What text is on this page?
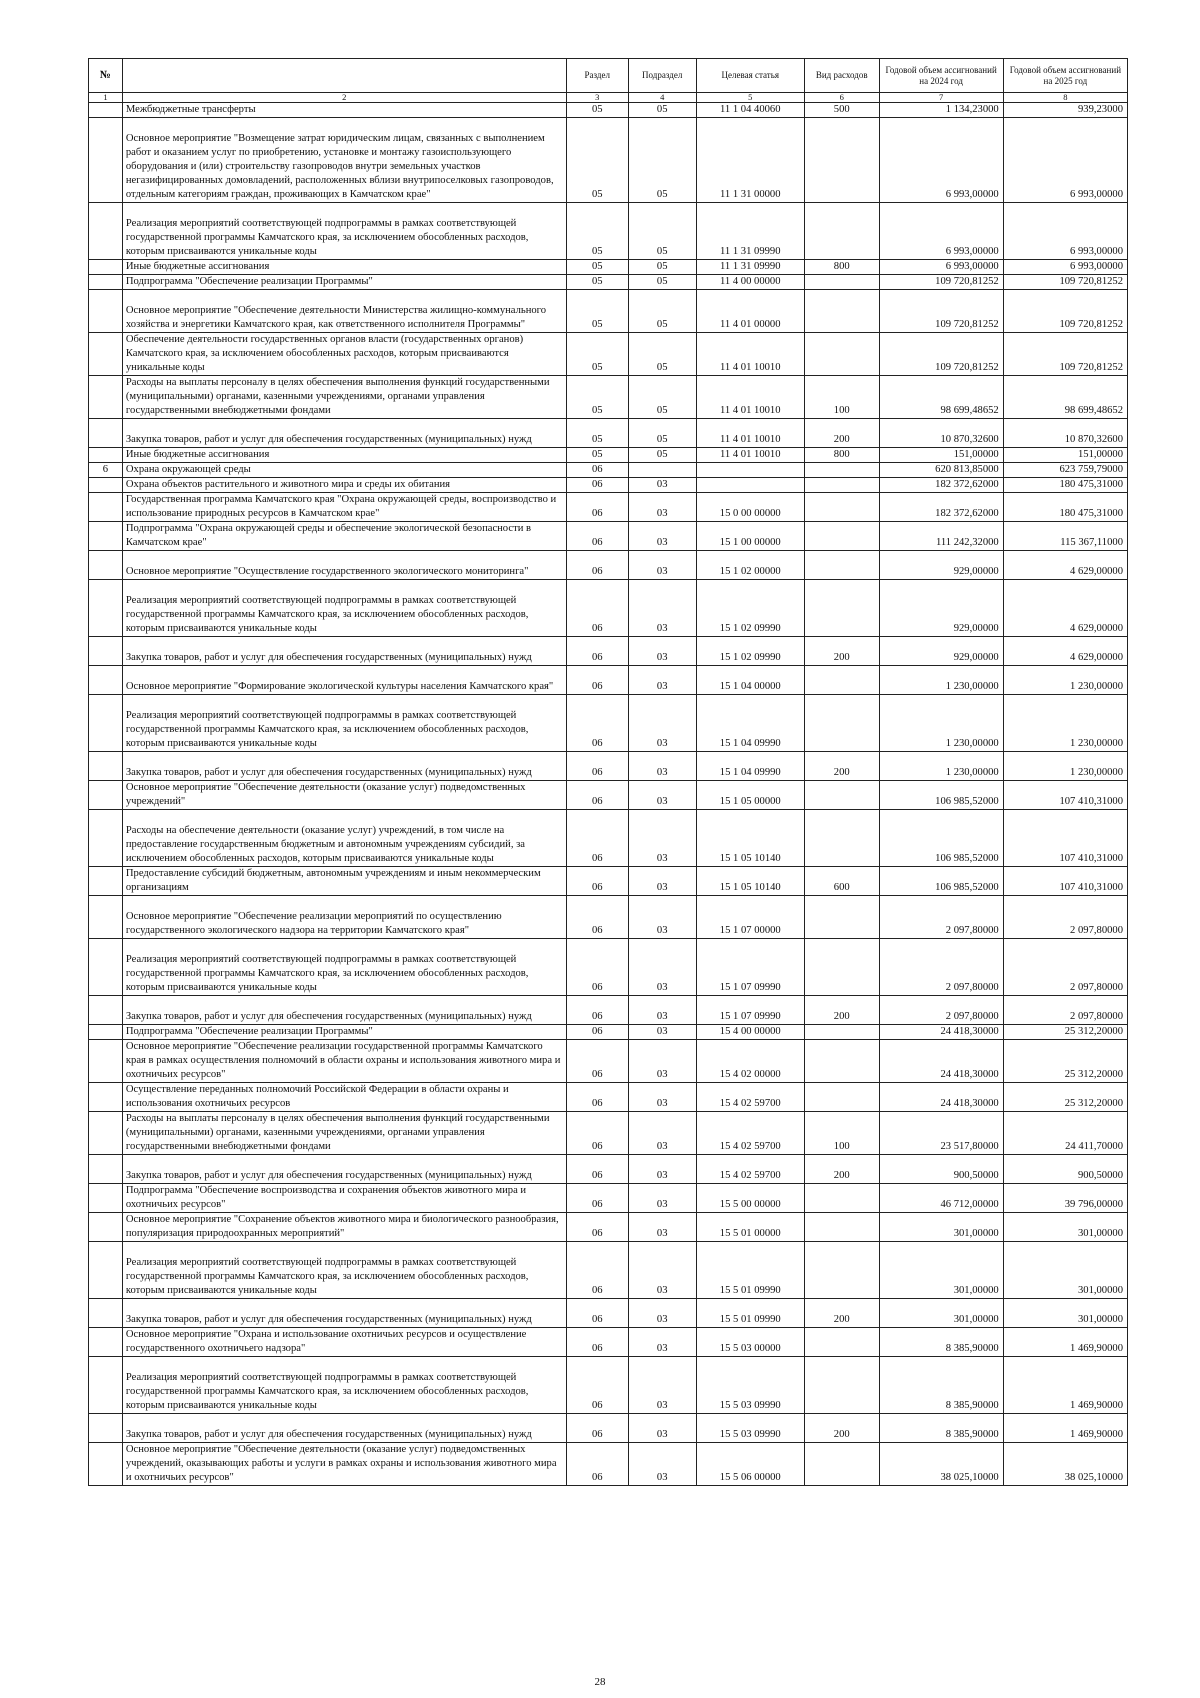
№		Раздел	Подраздел	Целевая статья	Вид расходов	Годовой объем ассигнований на 2024 год	Годовой объем ассигнований на 2025 год
1	2	3	4	5	6	7	8
	Межбюджетные трансферты	05	05	11 1 04 40060	500	1 134,23000	939,23000
	Основное мероприятие "Возмещение затрат юридическим лицам, связанных с выполнением работ и оказанием услуг по приобретению, установке и монтажу газоиспользующего оборудования и (или) строительству газопроводов внутри земельных участков негазифицированных домовладений, расположенных вблизи внутрипоселковых газопроводов, отдельным категориям граждан, проживающих в Камчатском крае"	05	05	11 1 31 00000		6 993,00000	6 993,00000
	Реализация мероприятий соответствующей подпрограммы в рамках соответствующей государственной программы Камчатского края, за исключением обособленных расходов, которым присваиваются уникальные коды	05	05	11 1 31 09990		6 993,00000	6 993,00000
	Иные бюджетные ассигнования	05	05	11 1 31 09990	800	6 993,00000	6 993,00000
	Подпрограмма "Обеспечение реализации Программы"	05	05	11 4 00 00000		109 720,81252	109 720,81252
	Основное мероприятие "Обеспечение деятельности Министерства жилищно-коммунального хозяйства и энергетики Камчатского края, как ответственного исполнителя Программы"	05	05	11 4 01 00000		109 720,81252	109 720,81252
	Обеспечение деятельности государственных органов власти (государственных органов) Камчатского края, за исключением обособленных расходов, которым присваиваются уникальные коды	05	05	11 4 01 10010		109 720,81252	109 720,81252
	Расходы на выплаты персоналу в целях обеспечения выполнения функций государственными (муниципальными) органами, казенными учреждениями, органами управления государственными внебюджетными фондами	05	05	11 4 01 10010	100	98 699,48652	98 699,48652
	Закупка товаров, работ и услуг для обеспечения государственных (муниципальных) нужд	05	05	11 4 01 10010	200	10 870,32600	10 870,32600
	Иные бюджетные ассигнования	05	05	11 4 01 10010	800	151,00000	151,00000
6	Охрана окружающей среды	06				620 813,85000	623 759,79000
	Охрана объектов растительного и животного мира и среды их обитания	06	03			182 372,62000	180 475,31000
	Государственная программа Камчатского края "Охрана окружающей среды, воспроизводство и использование природных ресурсов в Камчатском крае"	06	03	15 0 00 00000		182 372,62000	180 475,31000
	Подпрограмма "Охрана окружающей среды и обеспечение экологической безопасности в Камчатском крае"	06	03	15 1 00 00000		111 242,32000	115 367,11000
	Основное мероприятие "Осуществление государственного экологического мониторинга"	06	03	15 1 02 00000		929,00000	4 629,00000
	Реализация мероприятий соответствующей подпрограммы в рамках соответствующей государственной программы Камчатского края, за исключением обособленных расходов, которым присваиваются уникальные коды	06	03	15 1 02 09990		929,00000	4 629,00000
	Закупка товаров, работ и услуг для обеспечения государственных (муниципальных) нужд	06	03	15 1 02 09990	200	929,00000	4 629,00000
	Основное мероприятие "Формирование экологической культуры населения Камчатского края"	06	03	15 1 04 00000		1 230,00000	1 230,00000
	Реализация мероприятий соответствующей подпрограммы в рамках соответствующей государственной программы Камчатского края, за исключением обособленных расходов, которым присваиваются уникальные коды	06	03	15 1 04 09990		1 230,00000	1 230,00000
	Закупка товаров, работ и услуг для обеспечения государственных (муниципальных) нужд	06	03	15 1 04 09990	200	1 230,00000	1 230,00000
	Основное мероприятие "Обеспечение деятельности (оказание услуг) подведомственных учреждений"	06	03	15 1 05 00000		106 985,52000	107 410,31000
	Расходы на обеспечение деятельности (оказание услуг) учреждений, в том числе на предоставление государственным бюджетным и автономным учреждениям субсидий, за исключением обособленных расходов, которым присваиваются уникальные коды	06	03	15 1 05 10140		106 985,52000	107 410,31000
	Предоставление субсидий бюджетным, автономным учреждениям и иным некоммерческим организациям	06	03	15 1 05 10140	600	106 985,52000	107 410,31000
	Основное мероприятие "Обеспечение реализации мероприятий по осуществлению государственного экологического надзора на территории Камчатского края"	06	03	15 1 07 00000		2 097,80000	2 097,80000
	Реализация мероприятий соответствующей подпрограммы в рамках соответствующей государственной программы Камчатского края, за исключением обособленных расходов, которым присваиваются уникальные коды	06	03	15 1 07 09990		2 097,80000	2 097,80000
	Закупка товаров, работ и услуг для обеспечения государственных (муниципальных) нужд	06	03	15 1 07 09990	200	2 097,80000	2 097,80000
	Подпрограмма "Обеспечение реализации Программы"	06	03	15 4 00 00000		24 418,30000	25 312,20000
	Основное мероприятие "Обеспечение реализации государственной программы Камчатского края в рамках осуществления полномочий в области охраны и использования животного мира и охотничьих ресурсов"	06	03	15 4 02 00000		24 418,30000	25 312,20000
	Осуществление переданных полномочий Российской Федерации в области охраны и использования охотничьих ресурсов	06	03	15 4 02 59700		24 418,30000	25 312,20000
	Расходы на выплаты персоналу в целях обеспечения выполнения функций государственными (муниципальными) органами, казенными учреждениями, органами управления государственными внебюджетными фондами	06	03	15 4 02 59700	100	23 517,80000	24 411,70000
	Закупка товаров, работ и услуг для обеспечения государственных (муниципальных) нужд	06	03	15 4 02 59700	200	900,50000	900,50000
	Подпрограмма "Обеспечение воспроизводства и сохранения объектов животного мира и охотничьих ресурсов"	06	03	15 5 00 00000		46 712,00000	39 796,00000
	Основное мероприятие "Сохранение объектов животного мира и биологического разнообразия, популяризация природоохранных мероприятий"	06	03	15 5 01 00000		301,00000	301,00000
	Реализация мероприятий соответствующей подпрограммы в рамках соответствующей государственной программы Камчатского края, за исключением обособленных расходов, которым присваиваются уникальные коды	06	03	15 5 01 09990		301,00000	301,00000
	Закупка товаров, работ и услуг для обеспечения государственных (муниципальных) нужд	06	03	15 5 01 09990	200	301,00000	301,00000
	Основное мероприятие "Охрана и использование охотничьих ресурсов и осуществление государственного охотничьего надзора"	06	03	15 5 03 00000		8 385,90000	1 469,90000
	Реализация мероприятий соответствующей подпрограммы в рамках соответствующей государственной программы Камчатского края, за исключением обособленных расходов, которым присваиваются уникальные коды	06	03	15 5 03 09990		8 385,90000	1 469,90000
	Закупка товаров, работ и услуг для обеспечения государственных (муниципальных) нужд	06	03	15 5 03 09990	200	8 385,90000	1 469,90000
	Основное мероприятие "Обеспечение деятельности (оказание услуг) подведомственных учреждений, оказывающих работы и услуги в рамках охраны и использования животного мира и охотничьих ресурсов"	06	03	15 5 06 00000		38 025,10000	38 025,10000
28
